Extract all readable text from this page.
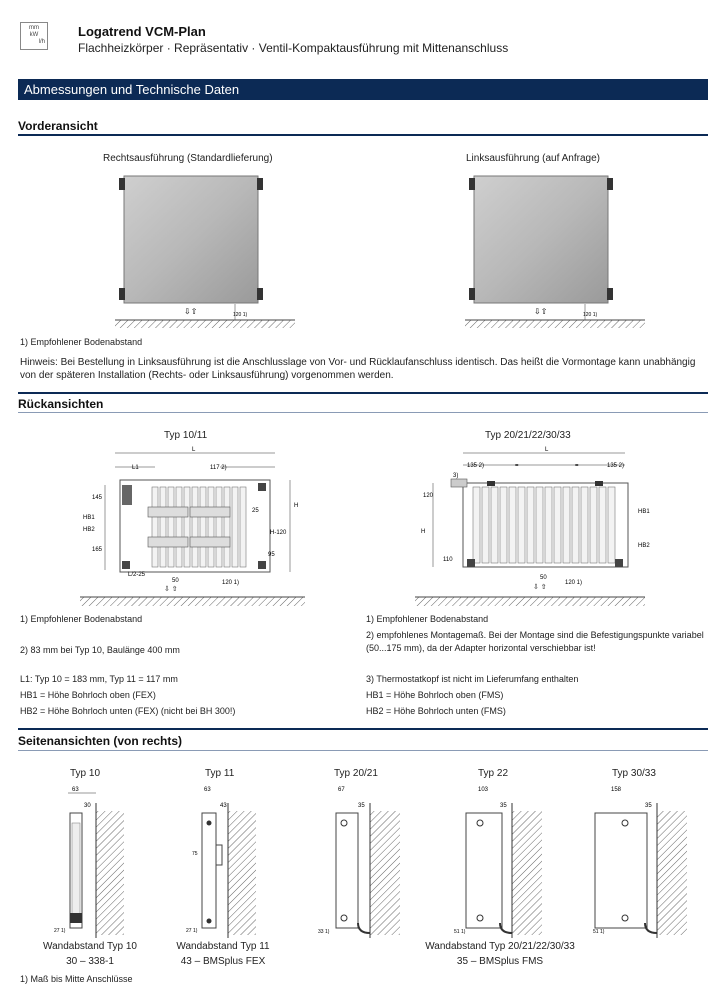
mm
kW
l/h
Logatrend VCM-Plan
Flachheizkörper · Repräsentativ · Ventil-Kompaktausführung mit Mittenanschluss
Abmessungen und Technische Daten
Vorderansicht
Rechtsausführung (Standardlieferung)	Linksausführung (auf Anfrage)
⇩⇧	120 1)	⇩⇧	120 1)
1) Empfohlener Bodenabstand
Hinweis: Bei Bestellung in Linksausführung ist die Anschlusslage von Vor- und Rücklaufanschluss identisch. Das heißt die Vormontage kann unabhängig von der späteren Installation (Rechts- oder Linksausführung) vorgenommen werden.
Rückansichten
Typ 10/11	Typ 20/21/22/30/33
L
L1	117 2)
145
HB1
HB2
165
25
H
H-120
95
L/2-25
50
⇩ ⇧
120 1)
L
135 2)	=	=	135 2)
3)
120
H
HB1
HB2
110
50
⇩ ⇧
120 1)
1) Empfohlener Bodenabstand
2) 83 mm bei Typ 10, Baulänge 400 mm
L1: Typ 10 = 183 mm, Typ 11 = 117 mm
HB1 = Höhe Bohrloch oben (FEX)
HB2 = Höhe Bohrloch unten (FEX) (nicht bei BH 300!)
1) Empfohlener Bodenabstand
2) empfohlenes Montagemaß. Bei der Montage sind die Befestigungspunkte variabel (50...175 mm), da der Adapter horizontal verschiebbar ist!
3) Thermostatkopf ist nicht im Lieferumfang enthalten
HB1 = Höhe Bohrloch oben (FMS)
HB2 = Höhe Bohrloch unten (FMS)
Seitenansichten (von rechts)
Typ 10	Typ 11	Typ 20/21	Typ 22	Typ 30/33
63
30
27 1)
63
43
75
27 1)
67
35
33 1)
103
35
51 1)
158
35
51 1)
Wandabstand Typ 10
30 – 338-1
Wandabstand Typ 11
43 – BMSplus FEX
Wandabstand Typ 20/21/22/30/33
35 – BMSplus FMS
1) Maß bis Mitte Anschlüsse
